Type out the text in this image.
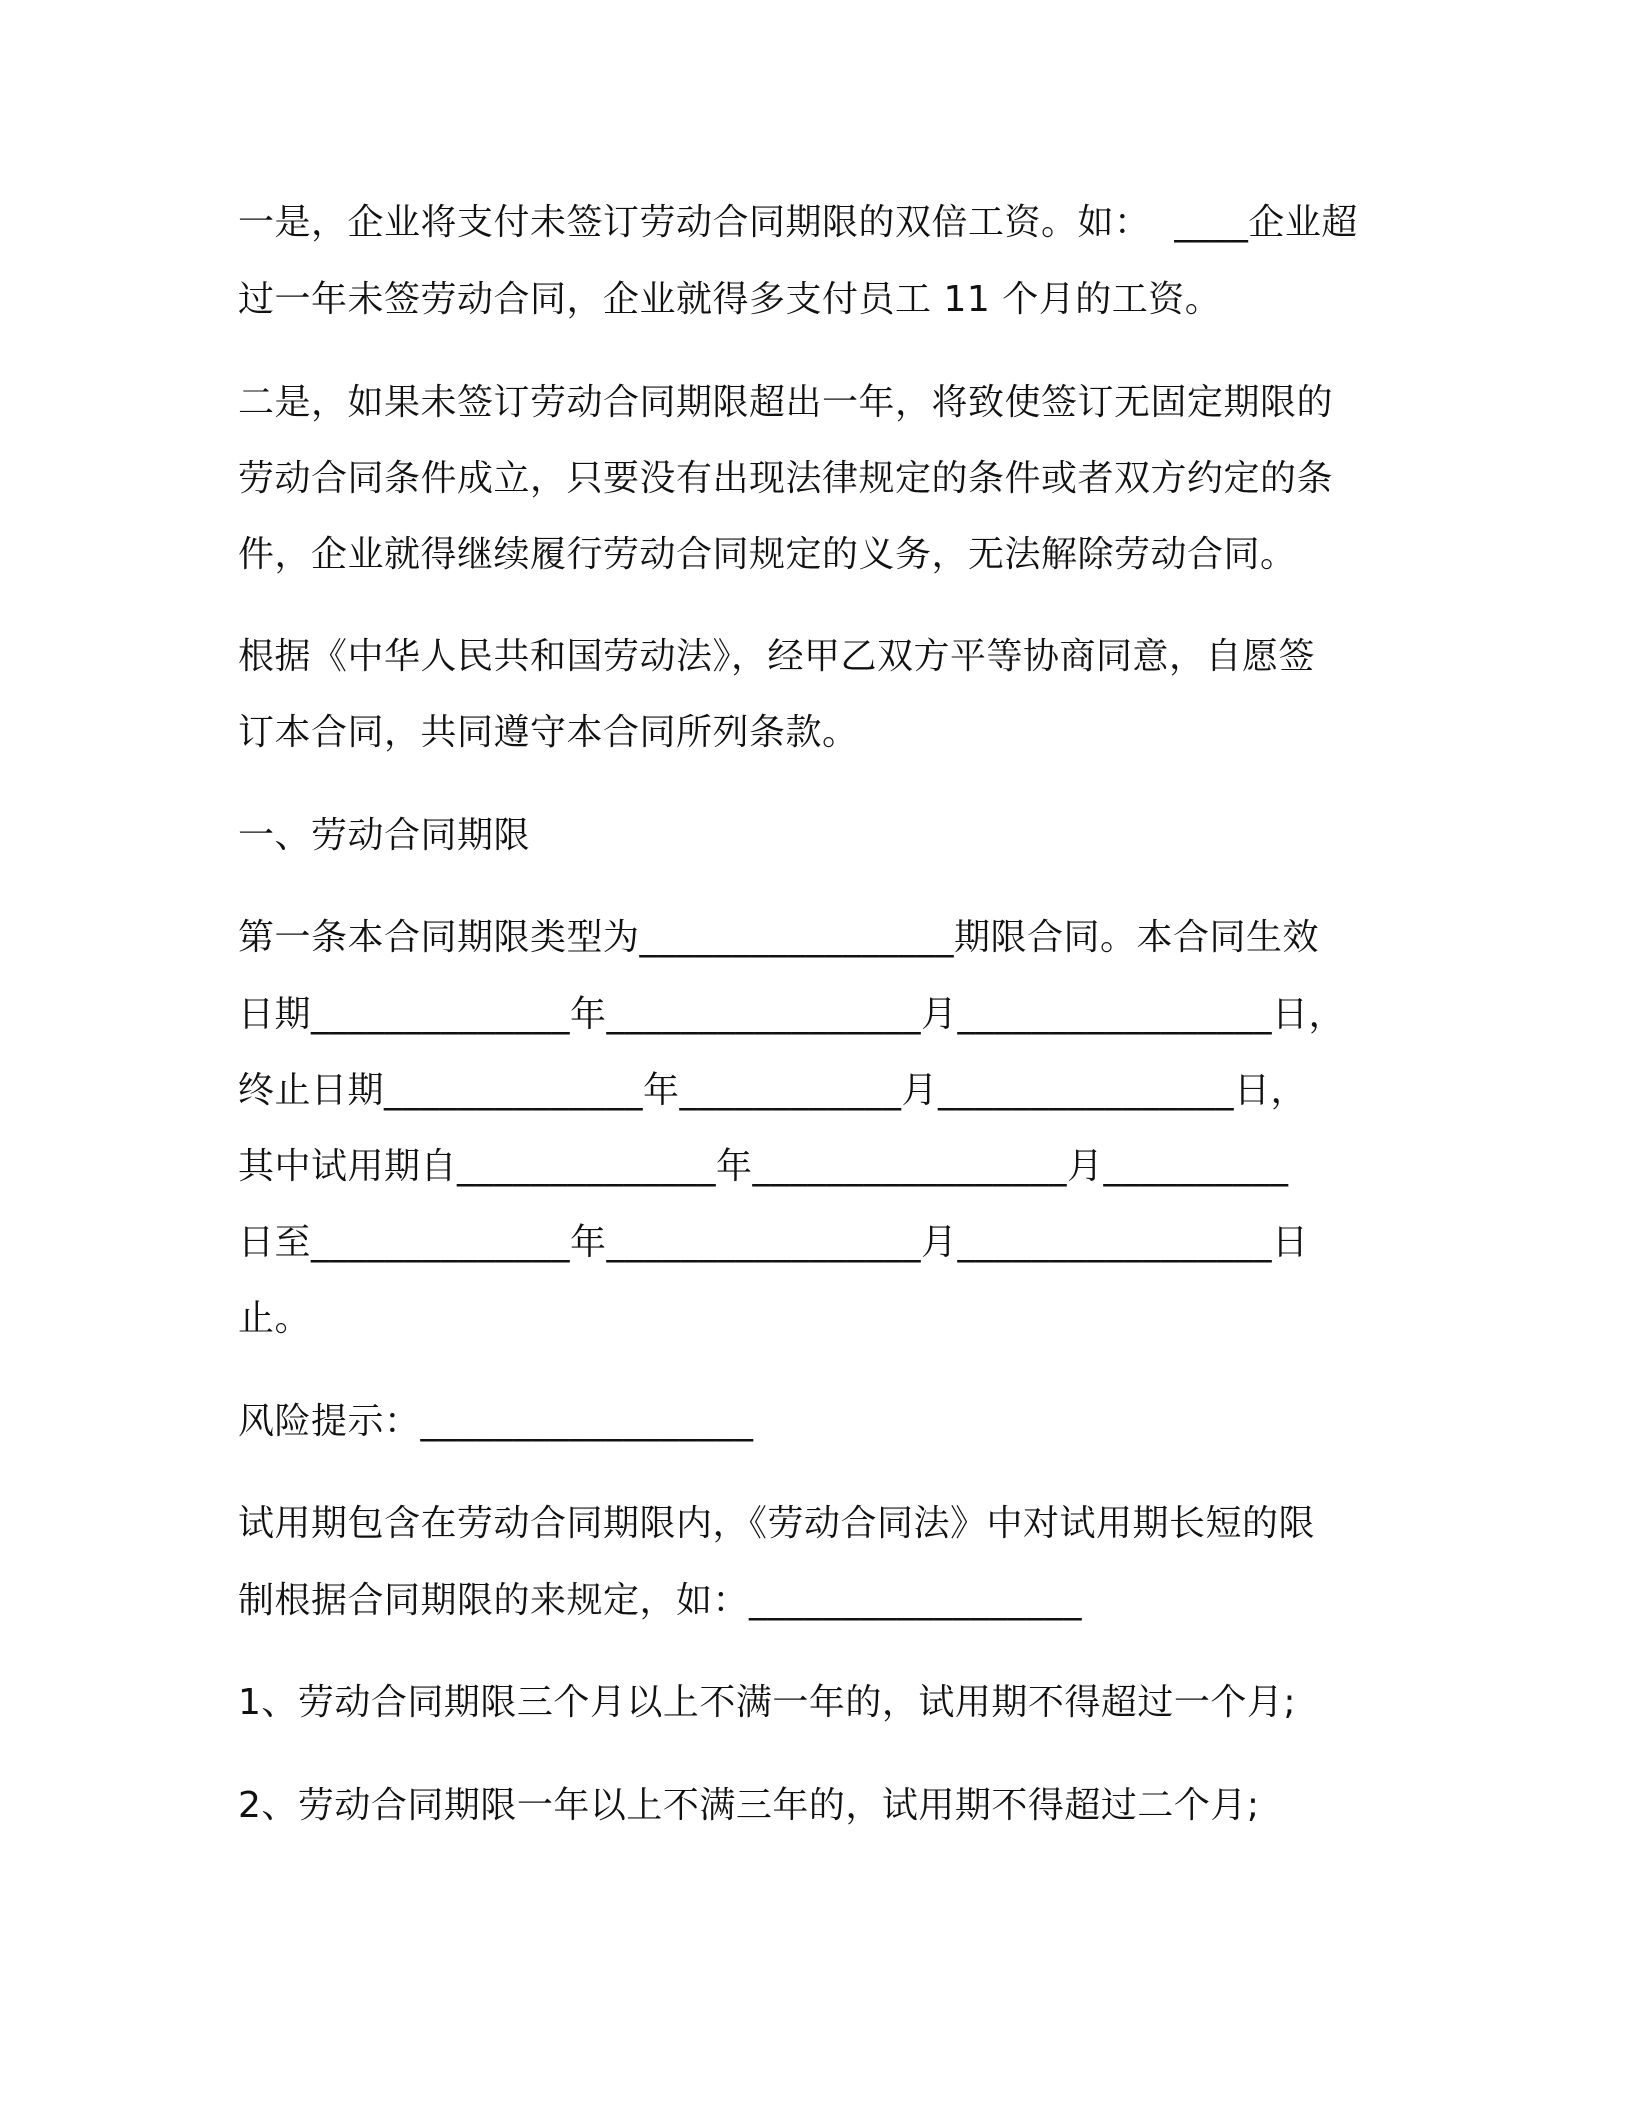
一是，企业将支付未签订劳动合同期限的双倍工资。如：  ____企业超
过一年未签劳动合同，企业就得多支付员工 11 个月的工资。
二是，如果未签订劳动合同期限超出一年，将致使签订无固定期限的
劳动合同条件成立，只要没有出现法律规定的条件或者双方约定的条
件，企业就得继续履行劳动合同规定的义务，无法解除劳动合同。
根据《中华人民共和国劳动法》，经甲乙双方平等协商同意，自愿签
订本合同，共同遵守本合同所列条款。
一、劳动合同期限
第一条本合同期限类型为_________________期限合同。本合同生效
日期______________年_________________月_________________日，
终止日期______________年____________月________________日，
其中试用期自______________年_________________月__________
日至______________年_________________月_________________日
止。
风险提示：__________________
试用期包含在劳动合同期限内，《劳动合同法》中对试用期长短的限
制根据合同期限的来规定，如：__________________
1、劳动合同期限三个月以上不满一年的，试用期不得超过一个月;
2、劳动合同期限一年以上不满三年的，试用期不得超过二个月;
